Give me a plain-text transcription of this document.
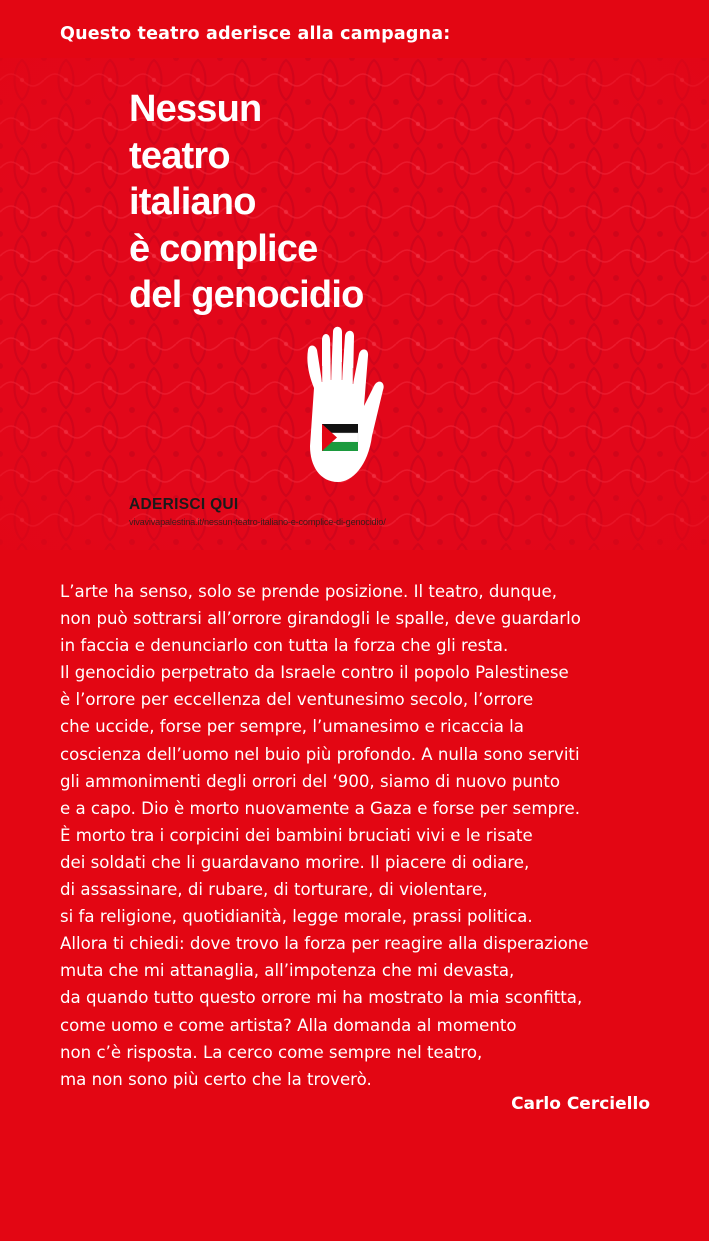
Questo teatro aderisce alla campagna:
Nessun
teatro
italiano
è complice
del genocidio
ADERISCI QUI
vivavivapalestina.it/nessun-teatro-italiano-e-complice-di-genocidio/
L’arte ha senso, solo se prende posizione. Il teatro, dunque,
non può sottrarsi all’orrore girandogli le spalle, deve guardarlo
in faccia e denunciarlo con tutta la forza che gli resta.
Il genocidio perpetrato da Israele contro il popolo Palestinese
è l’orrore per eccellenza del ventunesimo secolo, l’orrore
che uccide, forse per sempre, l’umanesimo e ricaccia la
coscienza dell’uomo nel buio più profondo. A nulla sono serviti
gli ammonimenti degli orrori del ‘900, siamo di nuovo punto
e a capo. Dio è morto nuovamente a Gaza e forse per sempre.
È morto tra i corpicini dei bambini bruciati vivi e le risate
dei soldati che li guardavano morire. Il piacere di odiare,
di assassinare, di rubare, di torturare, di violentare,
si fa religione, quotidianità, legge morale, prassi politica.
Allora ti chiedi: dove trovo la forza per reagire alla disperazione
muta che mi attanaglia, all’impotenza che mi devasta,
da quando tutto questo orrore mi ha mostrato la mia sconfitta,
come uomo e come artista? Alla domanda al momento
non c’è risposta. La cerco come sempre nel teatro,
ma non sono più certo che la troverò.
Carlo Cerciello
